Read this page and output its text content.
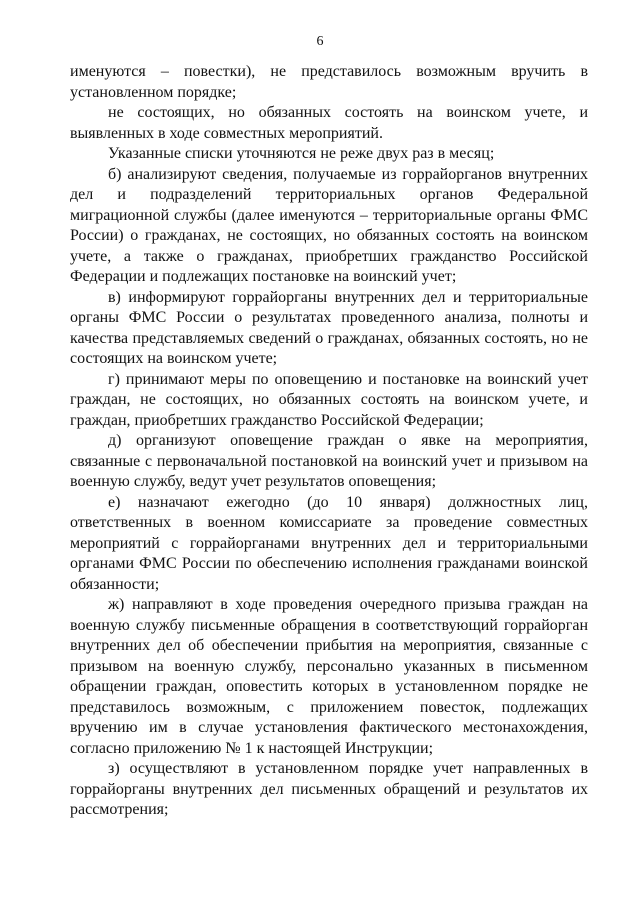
6

именуются – повестки), не представилось возможным вручить в установленном порядке;

не состоящих, но обязанных состоять на воинском учете, и выявленных в ходе совместных мероприятий.

Указанные списки уточняются не реже двух раз в месяц;

б) анализируют сведения, получаемые из горрайорганов внутренних дел и подразделений территориальных органов Федеральной миграционной службы (далее именуются – территориальные органы ФМС России) о гражданах, не состоящих, но обязанных состоять на воинском учете, а также о гражданах, приобретших гражданство Российской Федерации и подлежащих постановке на воинский учет;

в) информируют горрайорганы внутренних дел и территориальные органы ФМС России о результатах проведенного анализа, полноты и качества представляемых сведений о гражданах, обязанных состоять, но не состоящих на воинском учете;

г) принимают меры по оповещению и постановке на воинский учет граждан, не состоящих, но обязанных состоять на воинском учете, и граждан, приобретших гражданство Российской Федерации;

д) организуют оповещение граждан о явке на мероприятия, связанные с первоначальной постановкой на воинский учет и призывом на военную службу, ведут учет результатов оповещения;

е) назначают ежегодно (до 10 января) должностных лиц, ответственных в военном комиссариате за проведение совместных мероприятий с горрайорганами внутренних дел и территориальными органами ФМС России по обеспечению исполнения гражданами воинской обязанности;

ж) направляют в ходе проведения очередного призыва граждан на военную службу письменные обращения в соответствующий горрайорган внутренних дел об обеспечении прибытия на мероприятия, связанные с призывом на военную службу, персонально указанных в письменном обращении граждан, оповестить которых в установленном порядке не представилось возможным, с приложением повесток, подлежащих вручению им в случае установления фактического местонахождения, согласно приложению № 1 к настоящей Инструкции;

з) осуществляют в установленном порядке учет направленных в горрайорганы внутренних дел письменных обращений и результатов их рассмотрения;
